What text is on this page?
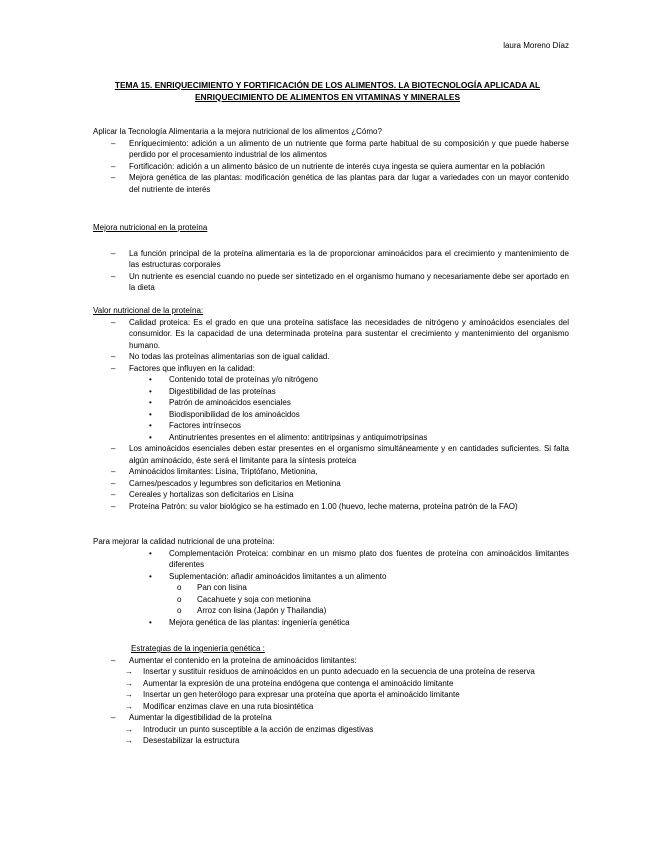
laura Moreno Díaz
TEMA 15. ENRIQUECIMIENTO Y FORTIFICACIÓN DE LOS ALIMENTOS. LA BIOTECNOLOGÍA APLICADA AL
ENRIQUECIMIENTO DE ALIMENTOS EN VITAMINAS Y MINERALES
Aplicar la Tecnología Alimentaria a la mejora nutricional de los alimentos ¿Cómo?
– Enriquecimiento: adición a un alimento de un nutriente que forma parte habitual de su composición y que puede haberse perdido por el procesamiento industrial de los alimentos
– Fortificación: adición a un alimento básico de un nutriente de interés cuya ingesta se quiera aumentar en la población
– Mejora genética de las plantas: modificación genética de las plantas para dar lugar a variedades con un mayor contenido del nutriente de interés
Mejora nutricional en la proteína
– La función principal de la proteína alimentaria es la de proporcionar aminoácidos para el crecimiento y mantenimiento de las estructuras corporales
– Un nutriente es esencial cuando no puede ser sintetizado en el organismo humano y necesariamente debe ser aportado en la dieta
Valor nutricional de la proteína:
– Calidad proteica: Es el grado en que una proteína satisface las necesidades de nitrógeno y aminoácidos esenciales del consumidor. Es la capacidad de una determinada proteína para sustentar el crecimiento y mantenimiento del organismo humano.
– No todas las proteínas alimentarias son de igual calidad.
– Factores que influyen en la calidad:
• Contenido total de proteínas y/o nitrógeno
• Digestibilidad de las proteínas
• Patrón de aminoácidos esenciales
• Biodisponibilidad de los aminoácidos
• Factores intrínsecos
• Antinutrientes presentes en el alimento: antitripsinas y antiquimotripsinas
– Los aminoácidos esenciales deben estar presentes en el organismo simultáneamente y en cantidades suficientes. Si falta algún aminoácido, éste será el limitante para la síntesis proteica
– Aminoácidos limitantes: Lisina, Triptófano, Metionina,
– Carnes/pescados y legumbres son deficitarios en Metionina
– Cereales y hortalizas son deficitarios en Lisina
– Proteína Patrón: su valor biológico se ha estimado en 1.00 (huevo, leche materna, proteína patrón de la FAO)
Para mejorar la calidad nutricional de una proteína:
• Complementación Proteica: combinar en un mismo plato dos fuentes de proteína con aminoácidos limitantes diferentes
• Suplementación: añadir aminoácidos limitantes a un alimento
o Pan con lisina
o Cacahuete y soja con metionina
o Arroz con lisina (Japón y Thailandia)
• Mejora genética de las plantas: ingeniería genética
Estrategias de la ingeniería genética :
– Aumentar el contenido en la proteína de aminoácidos limitantes:
→ Insertar y sustituir residuos de aminoácidos en un punto adecuado en la secuencia de una proteína de reserva
→ Aumentar la expresión de una proteína endógena que contenga el aminoácido limitante
→ Insertar un gen heterólogo para expresar una proteína que aporta el aminoácido limitante
→ Modificar enzimas clave en una ruta biosintética
– Aumentar la digestibilidad de la proteína
→ Introducir un punto susceptible a la acción de enzimas digestivas
→ Desestabilizar la estructura
